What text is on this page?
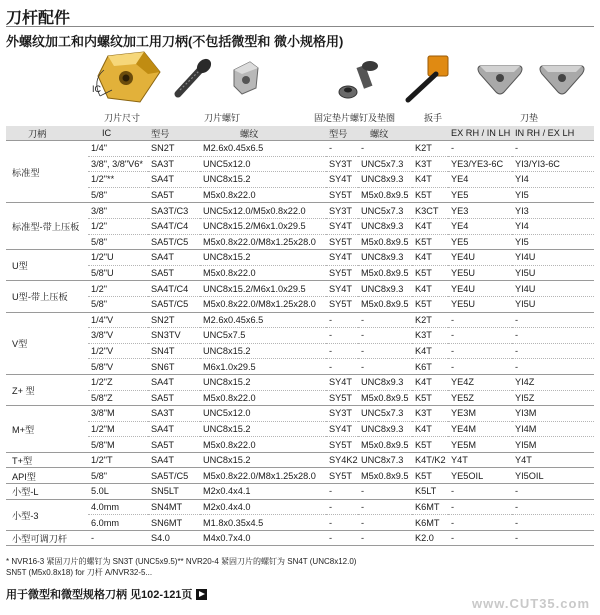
刀杆配件
外螺纹加工和内螺纹加工用刀柄(不包括微型和 微小规格用)
IC
刀片尺寸	刀片螺钉	固定垫片螺钉及垫圈	扳手	刀垫
刀柄	IC	型号	螺纹	型号	螺纹		EX RH / IN LH	IN RH / EX LH
标准型	1/4"	SN2T	M2.6x0.45x6.5	-	-	K2T	-	-
	3/8", 3/8"V6*	SA3T	UNC5x12.0	SY3T	UNC5x7.3	K3T	YE3/YE3-6C	YI3/YI3-6C
	1/2"**	SA4T	UNC8x15.2	SY4T	UNC8x9.3	K4T	YE4	YI4
	5/8"	SA5T	M5x0.8x22.0	SY5T	M5x0.8x9.5	K5T	YE5	YI5
标准型-带上压板	3/8"	SA3T/C3	UNC5x12.0/M5x0.8x22.0	SY3T	UNC5x7.3	K3CT	YE3	YI3
	1/2"	SA4T/C4	UNC8x15.2/M6x1.0x29.5	SY4T	UNC8x9.3	K4T	YE4	YI4
	5/8"	SA5T/C5	M5x0.8x22.0/M8x1.25x28.0	SY5T	M5x0.8x9.5	K5T	YE5	YI5
U型	1/2"U	SA4T	UNC8x15.2	SY4T	UNC8x9.3	K4T	YE4U	YI4U
	5/8"U	SA5T	M5x0.8x22.0	SY5T	M5x0.8x9.5	K5T	YE5U	YI5U
U型-带上压板	1/2"	SA4T/C4	UNC8x15.2/M6x1.0x29.5	SY4T	UNC8x9.3	K4T	YE4U	YI4U
	5/8"	SA5T/C5	M5x0.8x22.0/M8x1.25x28.0	SY5T	M5x0.8x9.5	K5T	YE5U	YI5U
V型	1/4"V	SN2T	M2.6x0.45x6.5	-	-	K2T	-	-
	3/8"V	SN3TV	UNC5x7.5	-	-	K3T	-	-
	1/2"V	SN4T	UNC8x15.2	-	-	K4T	-	-
	5/8"V	SN6T	M6x1.0x29.5	-	-	K6T	-	-
Z+ 型	1/2"Z	SA4T	UNC8x15.2	SY4T	UNC8x9.3	K4T	YE4Z	YI4Z
	5/8"Z	SA5T	M5x0.8x22.0	SY5T	M5x0.8x9.5	K5T	YE5Z	YI5Z
M+型	3/8"M	SA3T	UNC5x12.0	SY3T	UNC5x7.3	K3T	YE3M	YI3M
	1/2"M	SA4T	UNC8x15.2	SY4T	UNC8x9.3	K4T	YE4M	YI4M
	5/8"M	SA5T	M5x0.8x22.0	SY5T	M5x0.8x9.5	K5T	YE5M	YI5M
T+型	1/2"T	SA4T	UNC8x15.2	SY4K2	UNC8x7.3	K4T/K2	Y4T	Y4T
API型	5/8"	SA5T/C5	M5x0.8x22.0/M8x1.25x28.0	SY5T	M5x0.8x9.5	K5T	YE5OIL	YI5OIL
小型-L	5.0L	SN5LT	M2x0.4x4.1	-	-	K5LT	-	-
小型-3	4.0mm	SN4MT	M2x0.4x4.0	-	-	K6MT	-	-
	6.0mm	SN6MT	M1.8x0.35x4.5	-	-	K6MT	-	-
小型可调刀杆	-	S4.0	M4x0.7x4.0	-	-	K2.0	-	-
* NVR16-3 紧固刀片的螺钉为 SN3T (UNC5x9.5)** NVR20-4 紧固刀片的螺钉为 SN4T (UNC8x12.0)
SN5T (M5x0.8x18) for 刀杆 A/NVR32-5...
用于微型和微型规格刀柄 见102-121页
www.CUT35.com
